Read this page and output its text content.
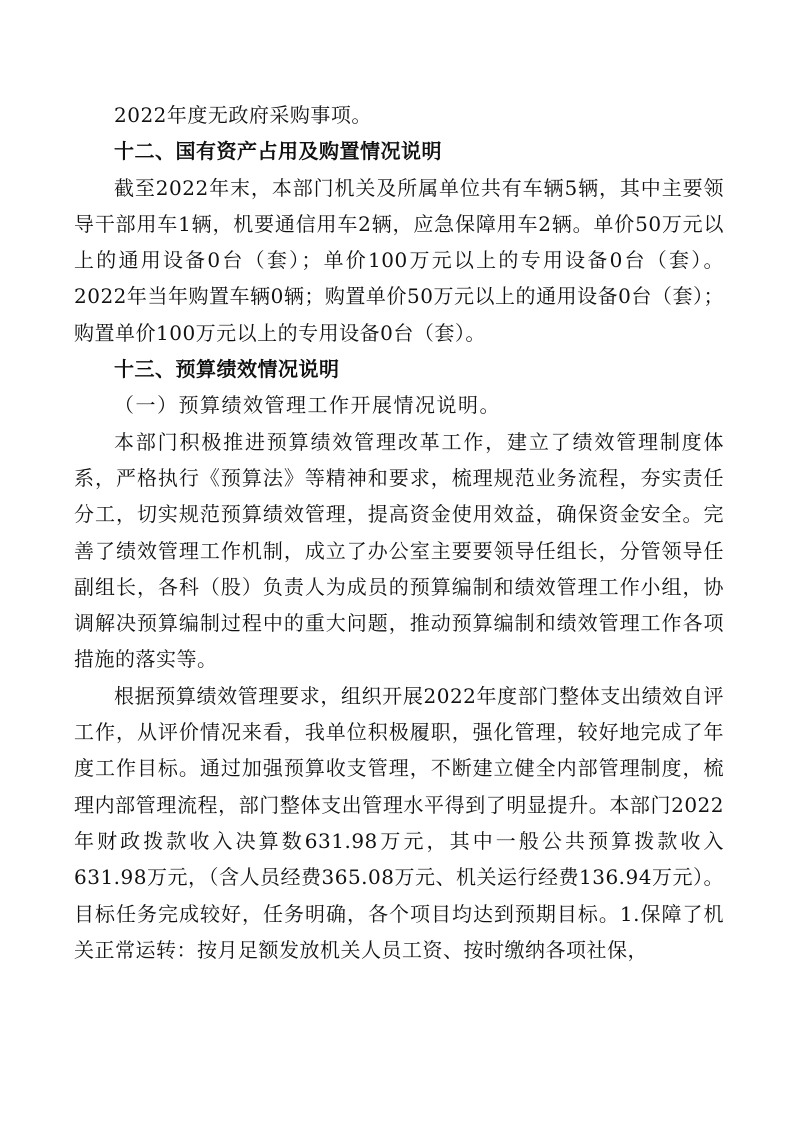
2022年度无政府采购事项。

十二、国有资产占用及购置情况说明

截至2022年末，本部门机关及所属单位共有车辆5辆，其中主要领导干部用车1辆，机要通信用车2辆，应急保障用车2辆。单价50万元以上的通用设备0台（套）；单价100万元以上的专用设备0台（套）。2022年当年购置车辆0辆；购置单价50万元以上的通用设备0台（套）；购置单价100万元以上的专用设备0台（套）。

十三、预算绩效情况说明

（一）预算绩效管理工作开展情况说明。

本部门积极推进预算绩效管理改革工作，建立了绩效管理制度体系，严格执行《预算法》等精神和要求，梳理规范业务流程，夯实责任分工，切实规范预算绩效管理，提高资金使用效益，确保资金安全。完善了绩效管理工作机制，成立了办公室主要要领导任组长，分管领导任副组长，各科（股）负责人为成员的预算编制和绩效管理工作小组，协调解决预算编制过程中的重大问题，推动预算编制和绩效管理工作各项措施的落实等。

根据预算绩效管理要求，组织开展2022年度部门整体支出绩效自评工作，从评价情况来看，我单位积极履职，强化管理，较好地完成了年度工作目标。通过加强预算收支管理，不断建立健全内部管理制度，梳理内部管理流程，部门整体支出管理水平得到了明显提升。本部门2022年财政拨款收入决算数631.98万元，其中一般公共预算拨款收入631.98万元，（含人员经费365.08万元、机关运行经费136.94万元）。目标任务完成较好，任务明确，各个项目均达到预期目标。1.保障了机关正常运转：按月足额发放机关人员工资、按时缴纳各项社保，
